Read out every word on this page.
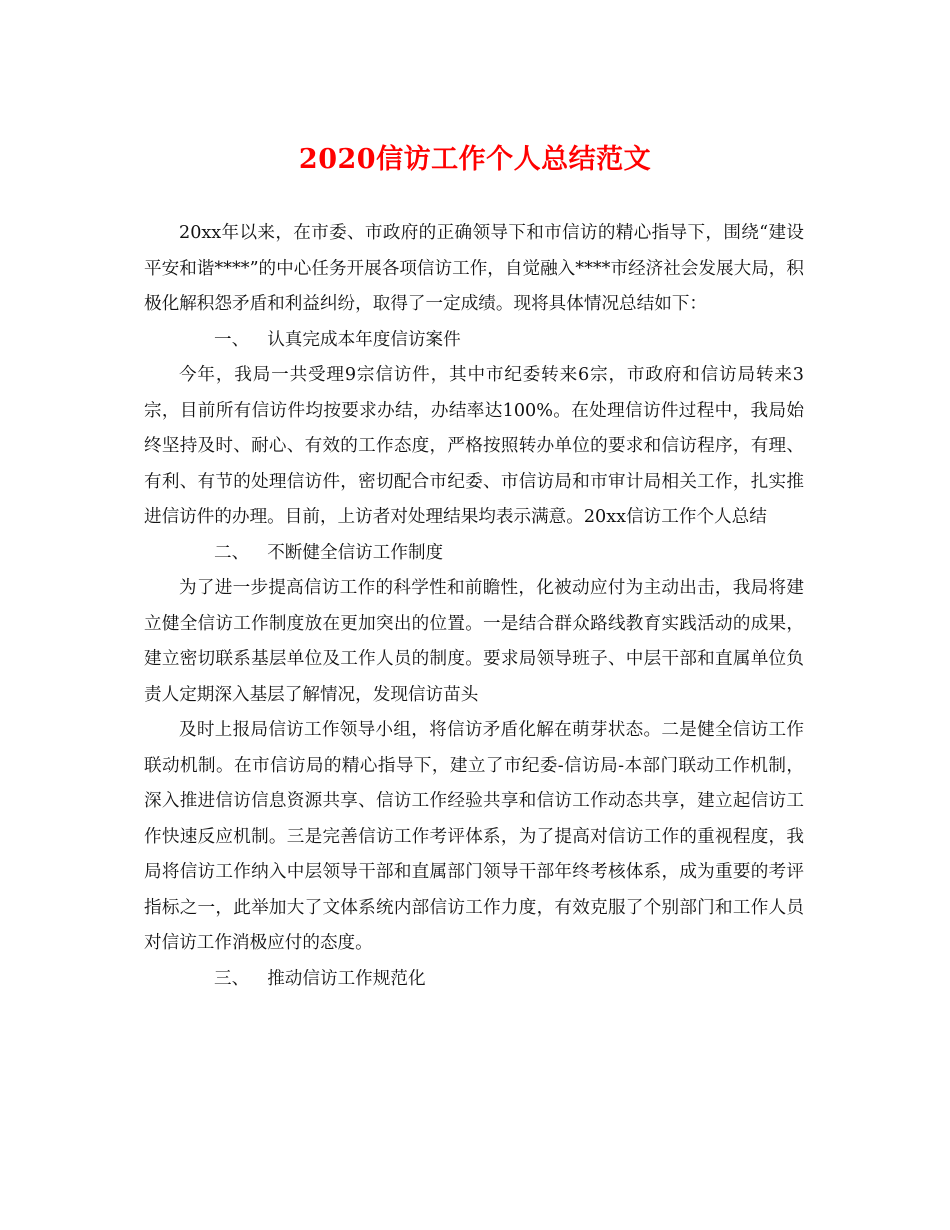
2020信访工作个人总结范文

20xx年以来，在市委、市政府的正确领导下和市信访的精心指导下，围绕“建设平安和谐****”的中心任务开展各项信访工作，自觉融入****市经济社会发展大局，积极化解积怨矛盾和利益纠纷，取得了一定成绩。现将具体情况总结如下：

一、 认真完成本年度信访案件

今年，我局一共受理9宗信访件，其中市纪委转来6宗，市政府和信访局转来3宗，目前所有信访件均按要求办结，办结率达100%。在处理信访件过程中，我局始终坚持及时、耐心、有效的工作态度，严格按照转办单位的要求和信访程序，有理、有利、有节的处理信访件，密切配合市纪委、市信访局和市审计局相关工作，扎实推进信访件的办理。目前，上访者对处理结果均表示满意。20xx信访工作个人总结

二、 不断健全信访工作制度

为了进一步提高信访工作的科学性和前瞻性，化被动应付为主动出击，我局将建立健全信访工作制度放在更加突出的位置。一是结合群众路线教育实践活动的成果，建立密切联系基层单位及工作人员的制度。要求局领导班子、中层干部和直属单位负责人定期深入基层了解情况，发现信访苗头

及时上报局信访工作领导小组，将信访矛盾化解在萌芽状态。二是健全信访工作联动机制。在市信访局的精心指导下，建立了市纪委-信访局-本部门联动工作机制，深入推进信访信息资源共享、信访工作经验共享和信访工作动态共享，建立起信访工作快速反应机制。三是完善信访工作考评体系，为了提高对信访工作的重视程度，我局将信访工作纳入中层领导干部和直属部门领导干部年终考核体系，成为重要的考评指标之一，此举加大了文体系统内部信访工作力度，有效克服了个别部门和工作人员对信访工作消极应付的态度。

三、 推动信访工作规范化
